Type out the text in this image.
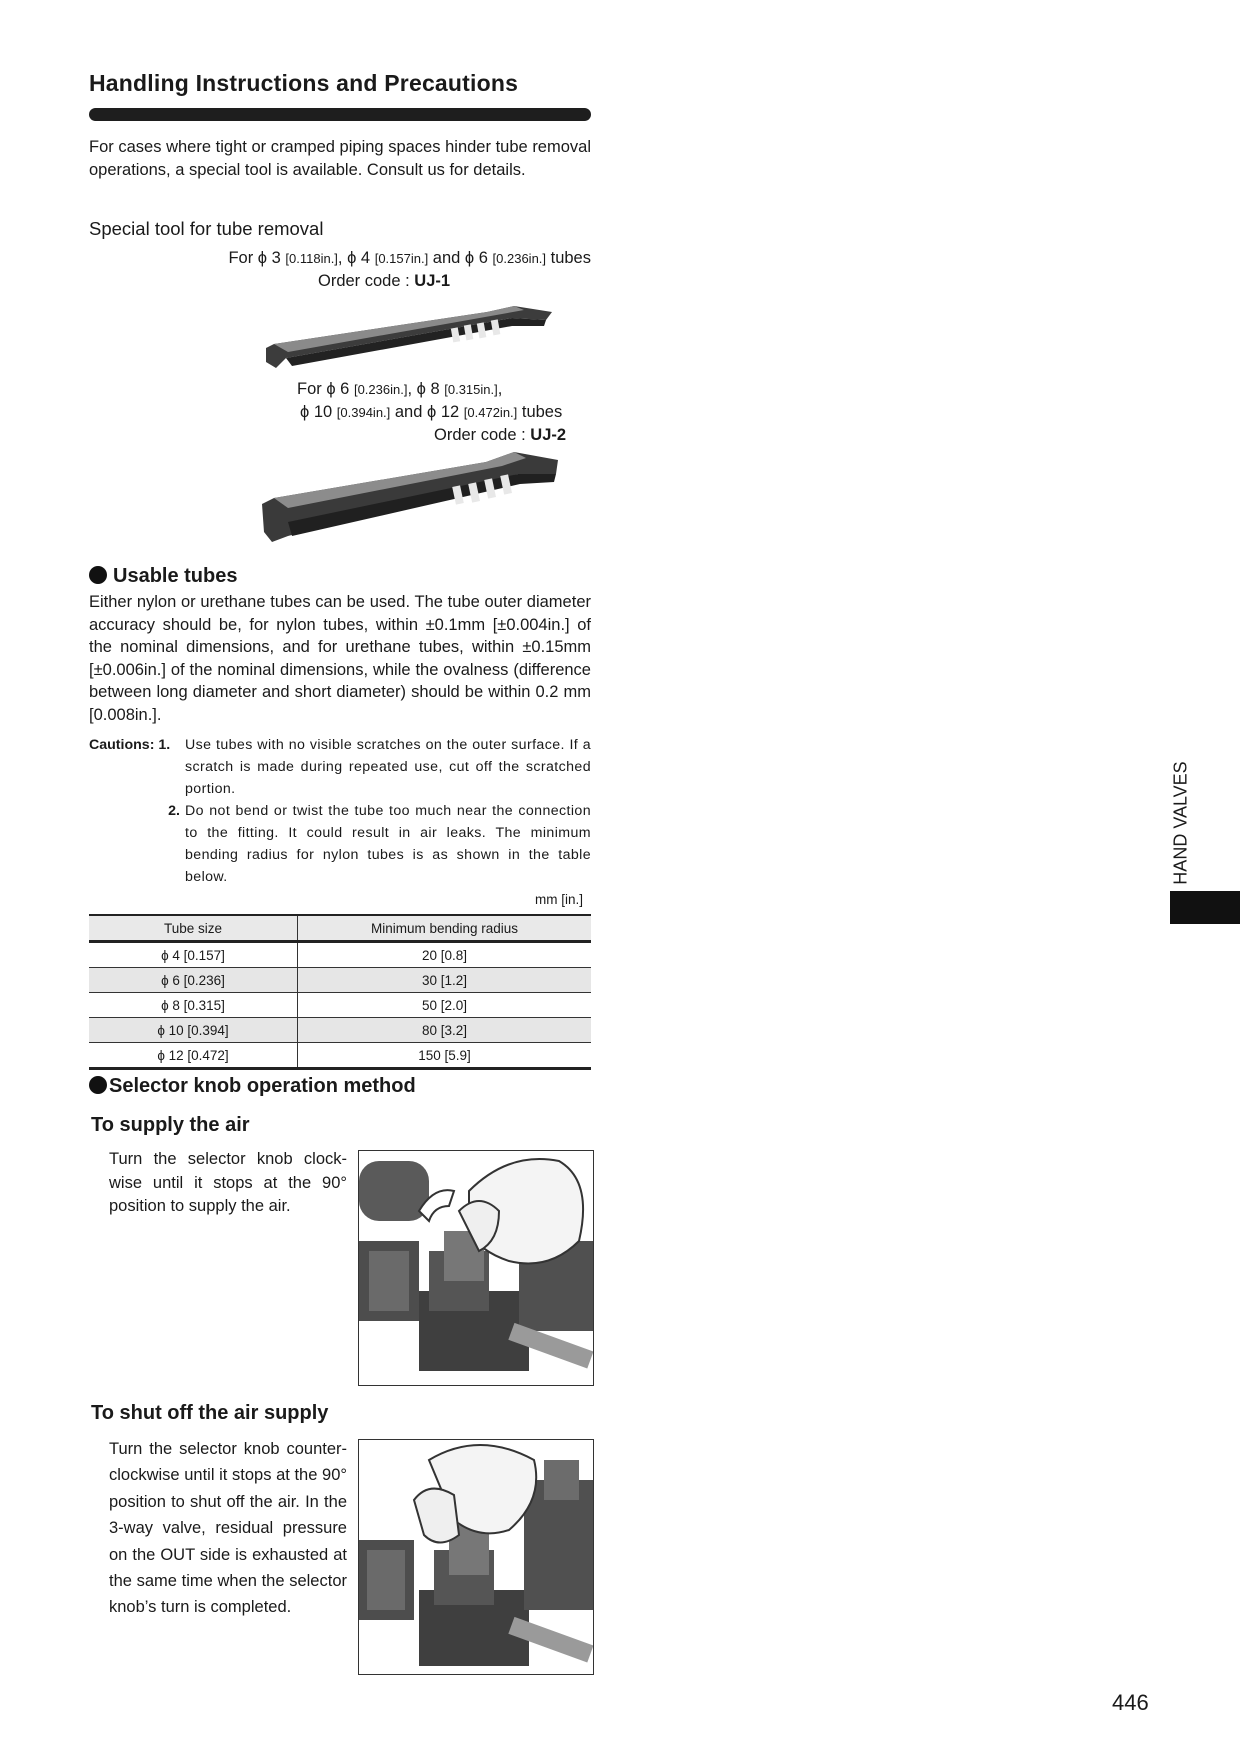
Handling Instructions and Precautions
For cases where tight or cramped piping spaces hinder tube removal operations, a special tool is available. Consult us for details.
Special tool for tube removal
For ϕ 3 [0.118in.], ϕ 4 [0.157in.] and ϕ 6 [0.236in.] tubes
Order code : UJ-1
For ϕ 6 [0.236in.], ϕ 8 [0.315in.],
ϕ 10 [0.394in.] and ϕ 12 [0.472in.] tubes
Order code : UJ-2
Usable tubes
Either nylon or urethane tubes can be used. The tube outer diameter accuracy should be, for nylon tubes, within ±0.1mm [±0.004in.] of the nominal dimensions, and for urethane tubes, within ±0.15mm [±0.006in.] of the nominal dimensions, while the ovalness (difference between long diameter and short diameter) should be within 0.2 mm [0.008in.].
Cautions: 1.	Use tubes with no visible scratches on the outer surface. If a scratch is made during repeated use, cut off the scratched portion.
2. Do not bend or twist the tube too much near the connection to the fitting. It could result in air leaks. The minimum bending radius for nylon tubes is as shown in the table below.
mm [in.]
Tube size	Minimum bending radius
ϕ 4 [0.157]	20 [0.8]
ϕ 6 [0.236]	30 [1.2]
ϕ 8 [0.315]	50 [2.0]
ϕ 10 [0.394]	80 [3.2]
ϕ 12 [0.472]	150 [5.9]
Selector knob operation method
To supply the air
Turn the selector knob clock-wise until it stops at the 90° position to supply the air.
To shut off the air supply
Turn the selector knob counter-clockwise until it stops at the 90° position to shut off the air. In the 3-way valve, residual pressure on the OUT side is exhausted at the same time when the selector knob’s turn is completed.
HAND VALVES
446
